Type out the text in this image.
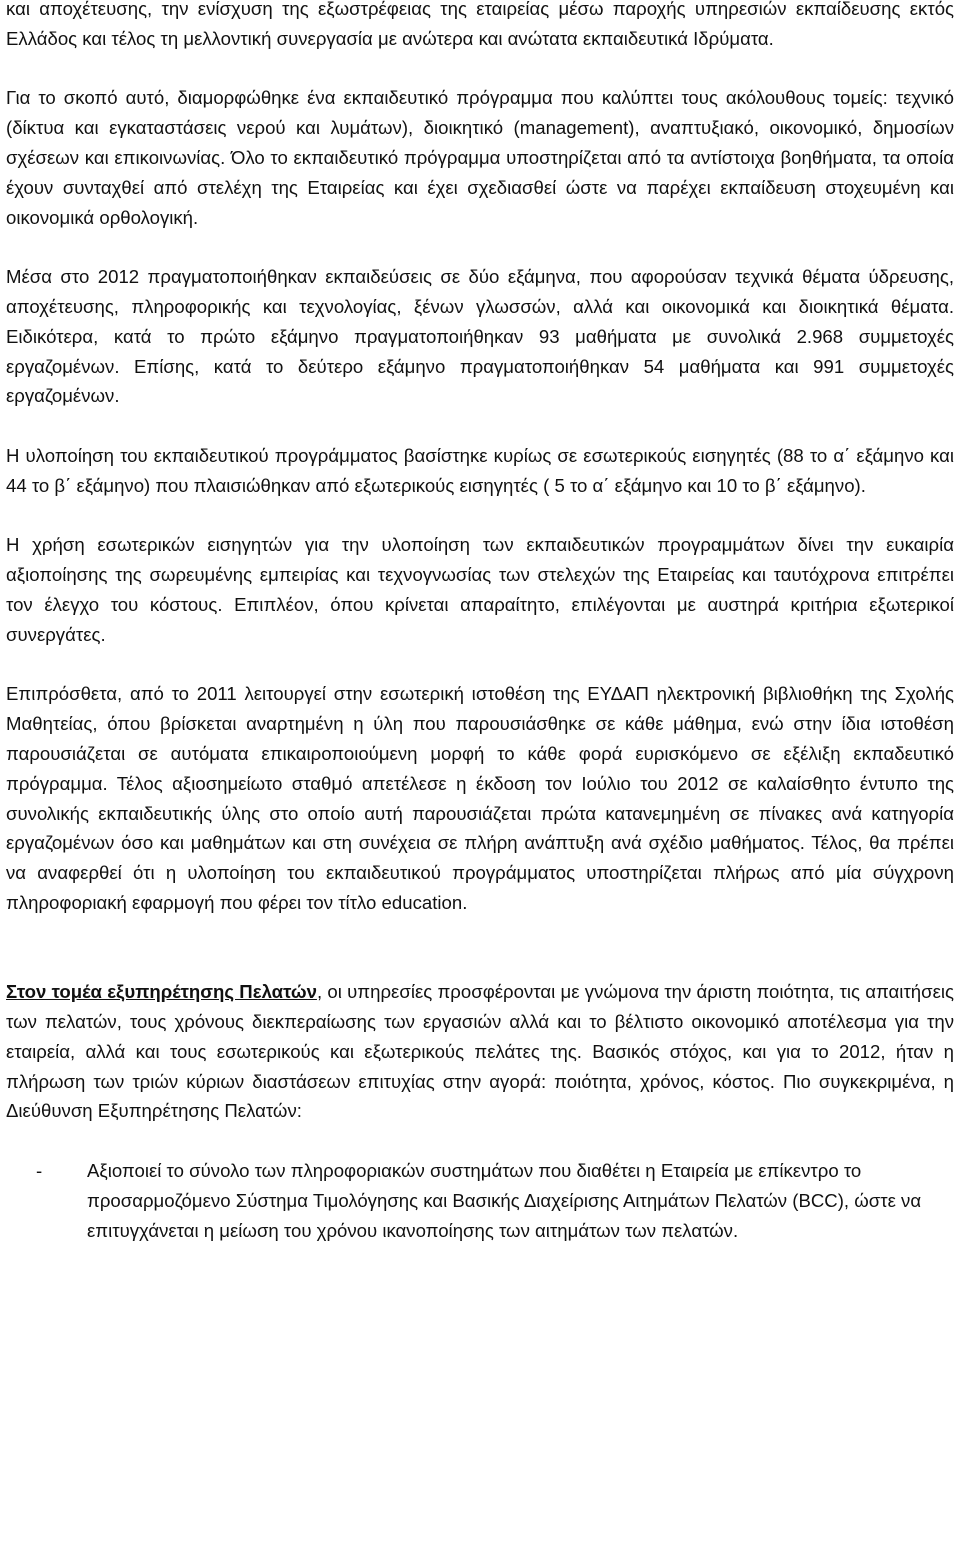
και αποχέτευσης, την ενίσχυση της εξωστρέφειας της εταιρείας μέσω παροχής υπηρεσιών εκπαίδευσης εκτός Ελλάδος και τέλος τη μελλοντική συνεργασία με ανώτερα και ανώτατα εκπαιδευτικά Ιδρύματα.

Για το σκοπό αυτό, διαμορφώθηκε ένα εκπαιδευτικό πρόγραμμα που καλύπτει τους ακόλουθους τομείς: τεχνικό (δίκτυα και εγκαταστάσεις νερού και λυμάτων), διοικητικό (management), αναπτυξιακό, οικονομικό, δημοσίων σχέσεων και επικοινωνίας. Όλο το εκπαιδευτικό πρόγραμμα υποστηρίζεται από τα αντίστοιχα βοηθήματα, τα οποία έχουν συνταχθεί από στελέχη της Εταιρείας και έχει σχεδιασθεί ώστε να παρέχει εκπαίδευση στοχευμένη και οικονομικά ορθολογική.

Μέσα στο 2012 πραγματοποιήθηκαν εκπαιδεύσεις σε δύο εξάμηνα, που αφορούσαν τεχνικά θέματα ύδρευσης, αποχέτευσης, πληροφορικής και τεχνολογίας, ξένων γλωσσών, αλλά και οικονομικά και διοικητικά θέματα. Ειδικότερα, κατά το πρώτο εξάμηνο πραγματοποιήθηκαν 93 μαθήματα με συνολικά 2.968 συμμετοχές εργαζομένων. Επίσης, κατά το δεύτερο εξάμηνο πραγματοποιήθηκαν 54 μαθήματα και 991 συμμετοχές εργαζομένων.

Η υλοποίηση του εκπαιδευτικού προγράμματος βασίστηκε κυρίως σε εσωτερικούς εισηγητές (88 το α΄ εξάμηνο και 44 το β΄ εξάμηνο) που πλαισιώθηκαν από εξωτερικούς εισηγητές ( 5 το α΄ εξάμηνο και 10 το β΄ εξάμηνο).

Η χρήση εσωτερικών εισηγητών για την υλοποίηση των εκπαιδευτικών προγραμμάτων δίνει την ευκαιρία αξιοποίησης της σωρευμένης εμπειρίας και τεχνογνωσίας των στελεχών της Εταιρείας και ταυτόχρονα επιτρέπει τον έλεγχο του κόστους. Επιπλέον, όπου κρίνεται απαραίτητο, επιλέγονται με αυστηρά κριτήρια εξωτερικοί συνεργάτες.

Επιπρόσθετα, από το 2011 λειτουργεί στην εσωτερική ιστοθέση της ΕΥΔΑΠ ηλεκτρονική βιβλιοθήκη της Σχολής Μαθητείας, όπου βρίσκεται αναρτημένη η ύλη που παρουσιάσθηκε σε κάθε μάθημα, ενώ στην ίδια ιστοθέση παρουσιάζεται σε αυτόματα επικαιροποιούμενη μορφή το κάθε φορά ευρισκόμενο σε εξέλιξη εκπαδευτικό πρόγραμμα. Τέλος αξιοσημείωτο σταθμό απετέλεσε η έκδοση τον Ιούλιο του 2012 σε καλαίσθητο έντυπο της συνολικής εκπαιδευτικής ύλης στο οποίο αυτή παρουσιάζεται πρώτα κατανεμημένη σε πίνακες ανά κατηγορία εργαζομένων όσο και μαθημάτων και στη συνέχεια σε πλήρη ανάπτυξη ανά σχέδιο μαθήματος. Τέλος, θα πρέπει να αναφερθεί ότι η υλοποίηση του εκπαιδευτικού προγράμματος υποστηρίζεται πλήρως από μία σύγχρονη πληροφοριακή εφαρμογή που φέρει τον τίτλο education.

Στον τομέα εξυπηρέτησης Πελατών, οι υπηρεσίες προσφέρονται με γνώμονα την άριστη ποιότητα, τις απαιτήσεις των πελατών, τους χρόνους διεκπεραίωσης των εργασιών αλλά και το βέλτιστο οικονομικό αποτέλεσμα για την εταιρεία, αλλά και τους εσωτερικούς και εξωτερικούς πελάτες της. Βασικός στόχος, και για το 2012, ήταν η πλήρωση των τριών κύριων διαστάσεων επιτυχίας στην αγορά: ποιότητα, χρόνος, κόστος. Πιο συγκεκριμένα, η Διεύθυνση Εξυπηρέτησης Πελατών:

- Αξιοποιεί το σύνολο των πληροφοριακών συστημάτων που διαθέτει η Εταιρεία με επίκεντρο το προσαρμοζόμενο Σύστημα Τιμολόγησης και Βασικής Διαχείρισης Αιτημάτων Πελατών (BCC), ώστε να επιτυγχάνεται η μείωση του χρόνου ικανοποίησης των αιτημάτων των πελατών.
